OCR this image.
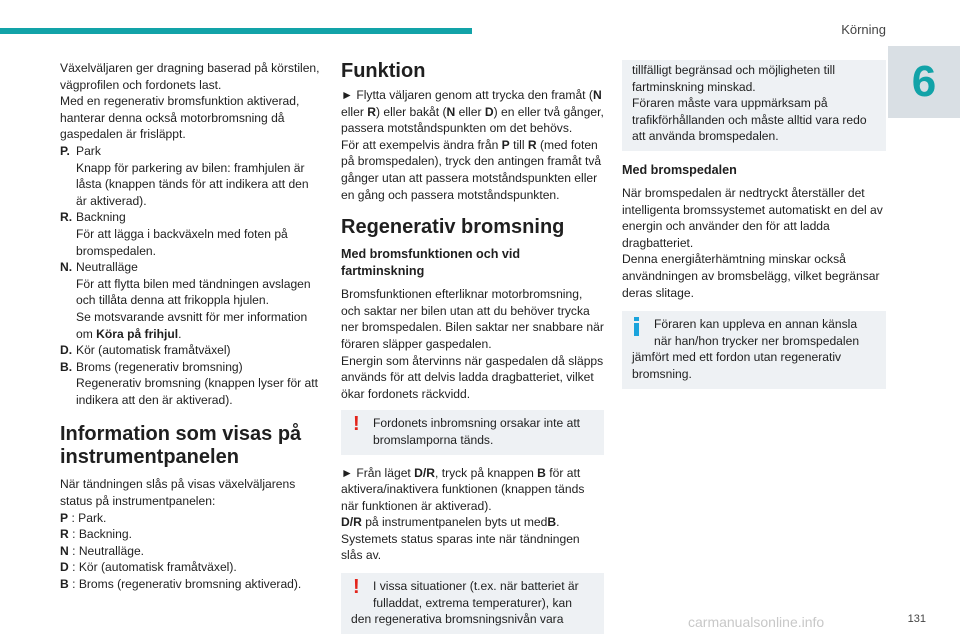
Körning
6

Växelväljaren ger dragning baserad på körstilen, vägprofilen och fordonets last.

Med en regenerativ bromsfunktion aktiverad, hanterar denna också motorbromsning då gaspedalen är frisläppt.

P. Park
Knapp för parkering av bilen: framhjulen är låsta (knappen tänds för att indikera att den är aktiverad).
R. Backning
För att lägga i backväxeln med foten på bromspedalen.
N. Neutralläge
För att flytta bilen med tändningen avslagen och tillåta denna att frikoppla hjulen.
Se motsvarande avsnitt för mer information om Köra på frihjul.
D. Kör (automatisk framåtväxel)
B. Broms (regenerativ bromsning)
Regenerativ bromsning (knappen lyser för att indikera att den är aktiverad).
Information som visas på instrumentpanelen

När tändningen slås på visas växelväljarens status på instrumentpanelen:

P : Park.
R : Backning.
N : Neutralläge.
D : Kör (automatisk framåtväxel).
B : Broms (regenerativ bromsning aktiverad).
Funktion

► Flytta väljaren genom att trycka den framåt (N eller R) eller bakåt (N eller D) en eller två gånger, passera motståndspunkten om det behövs.

För att exempelvis ändra från P till R (med foten på bromspedalen), tryck den antingen framåt två gånger utan att passera motståndspunkten eller en gång och passera motståndspunkten.

Regenerativ bromsning
Med bromsfunktionen och vid fartminskning

Bromsfunktionen efterliknar motorbromsning, och saktar ner bilen utan att du behöver trycka ner bromspedalen. Bilen saktar ner snabbare när föraren släpper gaspedalen.

Energin som återvinns när gaspedalen då släpps används för att delvis ladda dragbatteriet, vilket ökar fordonets räckvidd.

! Fordonets inbromsning orsakar inte att bromslamporna tänds.

► Från läget D/R, tryck på knappen B för att aktivera/inaktivera funktionen (knappen tänds när funktionen är aktiverad).

D/R på instrumentpanelen byts ut medB.

Systemets status sparas inte när tändningen slås av.

!	I vissa situationer (t.ex. när batteriet är fulladdat, extrema temperaturer), kan
den regenerativa bromsningsnivån vara
tillfälligt begränsad och möjligheten till fartminskning minskad.
Föraren måste vara uppmärksam på trafikförhållanden och måste alltid vara redo att använda bromspedalen.
Med bromspedalen

När bromspedalen är nedtryckt återställer det intelligenta bromssystemet automatiskt en del av energin och använder den för att ladda dragbatteriet.

Denna energiåterhämtning minskar också användningen av bromsbelägg, vilket begränsar deras slitage.

Föraren kan uppleva en annan känsla när han/hon trycker ner bromspedalen
jämfört med ett fordon utan regenerativ bromsning.
carmanualsonline.info	131
